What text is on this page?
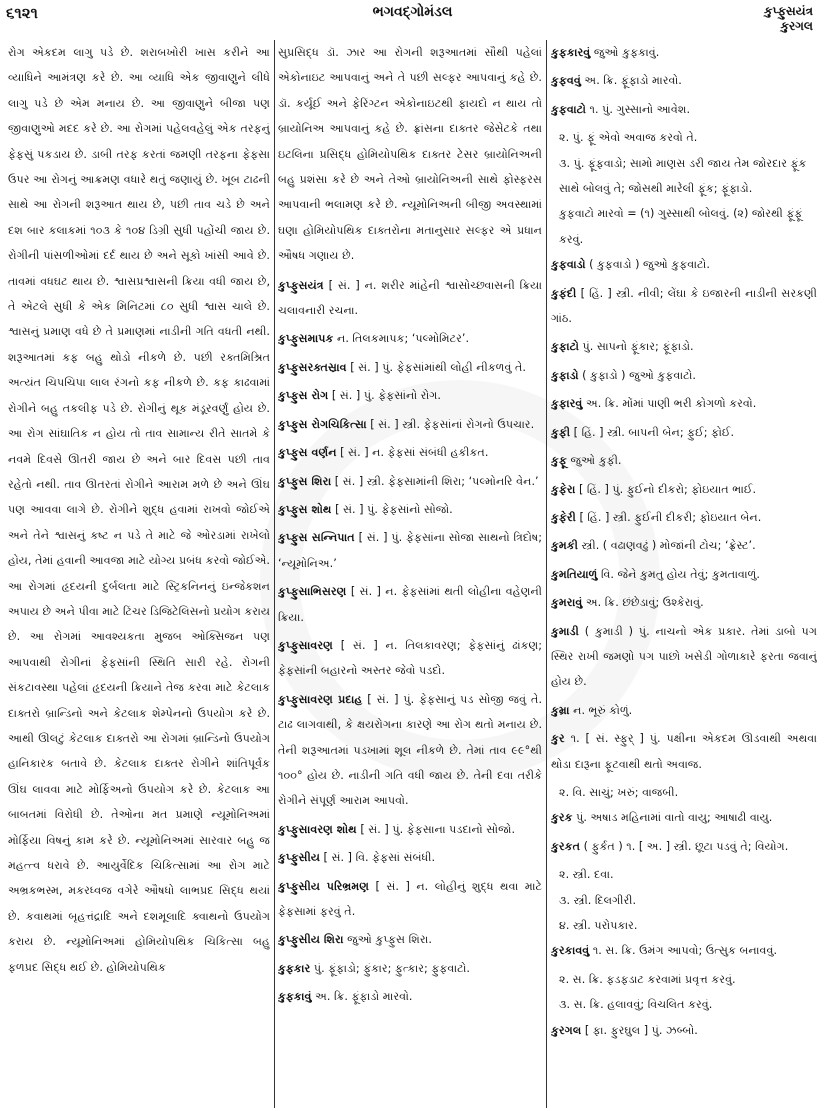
૬૧૨૧	ભગવદ્ગોમંડલ	કુપ્ફુસયંત્ર
કુરગલ

રોગ એકદમ લાગુ પડે છે. શરાબખોરી ખાસ કરીને આ વ્યાધિને આમંત્રણ કરે છે. આ વ્યાધિ એક જીવાણુને લીધે લાગુ પડે છે એમ મનાય છે. આ જીવાણુને બીજા પણ જીવાણુઓ મદદ કરે છે. આ રોગમાં પહેલવહેલું એક તરફનું ફેફસું પકડાય છે. ડાબી તરફ કરતાં જમણી તરફના ફેફસા ઉપર આ રોગનું આક્રમણ વધારે થતું જણાયું છે. ખૂબ ટાઢની સાથે આ રોગની શરૂઆત થાય છે, પછી તાવ ચડે છે અને દશ બાર કલાકમાં ૧૦૩ કે ૧૦૪ ડિગ્રી સુધી પહોંચી જાય છે. રોગીની પાંસળીઓમાં દર્દ થાય છે અને સૂકો ખાંસી આવે છે. તાવમાં વધઘટ થાય છે. શ્વાસપ્રશ્વાસની ક્રિયા વધી જાય છે, તે એટલે સુધી કે એક મિનિટમાં ૮૦ સુધી શ્વાસ ચાલે છે. શ્વાસનું પ્રમાણ વધે છે તે પ્રમાણમાં નાડીની ગતિ વધતી નથી. શરૂઆતમાં કફ બહુ થોડો નીકળે છે. પછી રક્તમિશ્રિત અત્યંત ચિપચિપા લાલ રંગનો કફ નીકળે છે. કફ કાઢવામાં રોગીને બહુ તકલીફ પડે છે. રોગીનું થૂક મંડૂરવર્ણું હોય છે. આ રોગ સાંઘાતિક ન હોય તો તાવ સામાન્ય રીતે સાતમે કે નવમે દિવસે ઊતરી જાય છે અને બાર દિવસ પછી તાવ રહેતો નથી. તાવ ઊતરતાં રોગીને આરામ મળે છે અને ઊંઘ પણ આવવા લાગે છે. રોગીને શુદ્ધ હવામાં રાખવો જોઈએ અને તેને શ્વાસનું કષ્ટ ન પડે તે માટે જે ઓરડામાં રાખેલો હોય, તેમાં હવાની આવજા માટે યોગ્ય પ્રબંધ કરવો જોઈએ. આ રોગમાં હૃદયની દુર્બલતા માટે સ્ટ્રિકનિનનું ઇન્જેકશન અપાય છે અને પીવા માટે ટિંચર ડિજિટેલિસનો પ્રયોગ કરાય છે. આ રોગમાં આવશ્યકતા મુજબ ઓક્સિજન પણ આપવાથી રોગીનાં ફેફસાંની સ્થિતિ સારી રહે. રોગની સંકટાવસ્થા પહેલાં હૃદયની ક્રિયાને તેજ કરવા માટે કેટલાક દાક્તરો બ્રાન્ડિનો અને કેટલાક શેમ્પેનનો ઉપયોગ કરે છે. આથી ઊલટું કેટલાક દાક્તરો આ રોગમાં બ્રાન્ડિનો ઉપયોગ હાનિકારક બતાવે છે. કેટલાક દાક્તર રોગીને શાંતિપૂર્વક ઊંઘ લાવવા માટે મોર્ફિઅનો ઉપયોગ કરે છે. કેટલાક આ બાબતમાં વિરોધી છે. તેઓના મત પ્રમાણે ન્યૂમોનિઅમાં મોર્ફિયા વિષનું કામ કરે છે. ન્યૂમોનિઅમાં સારવાર બહુ જ મહત્ત્વ ધરાવે છે. આયુર્વેદિક ચિકિત્સામાં આ રોગ માટે અભ્રકભસ્મ, મકરધ્વજ વગેરે ઔષધો લાભપ્રદ સિદ્ધ થયાં છે. કવાથમાં બૃહત્તંદ્રાદિ અને દશમૂલાદિ ક્વાથનો ઉપયોગ કરાય છે. ન્યૂમોનિઅમાં હોમિયોપથિક ચિકિત્સા બહુ ફળપ્રદ સિદ્ધ થઈ છે. હોમિયોપથિક

સુપ્રસિદ્ધ ડૉ. ઝાર આ રોગની શરૂઆતમાં સૌથી પહેલાં એકોનાઇટ આપવાનું અને તે પછી સલ્ફર આપવાનું કહે છે. ડૉ. કર્યૂઈ અને ફેરિંગ્ટન એકોનાઇટથી ફાયદો ન થાય તો બ્રાયોનિઅ આપવાનું કહે છે. ફ્રાંસના દાક્તર જેસેટકે તથા ઇટલિના પ્રસિદ્ધ હોમિયોપથિક દાક્તર ટેસર બ્રાયોનિઅની બહુ પ્રશંસા કરે છે અને તેઓ બ્રાયોનિઅની સાથે ફોસ્ફરસ આપવાની ભલામણ કરે છે. ન્યૂમોનિઅની બીજી અવસ્થામાં ઘણા હોમિયોપથિક દાક્તરોના મતાનુસાર સલ્ફર એ પ્રધાન ઔષધ ગણાય છે.

કુપ્ફુસયંત્ર [ સં. ] ન. શરીર માંહેની શ્વાસોચ્છ્વાસની ક્રિયા ચલાવનારી રચના.
કુપ્ફુસમાપક ન. તિલકમાપક; ‘પલ્મોમિટર’.
કુપ્ફુસરક્તસ્રાવ [ સં. ] પું. ફેફસાંમાંથી લોહી નીકળવું તે.
કુપ્ફુસ રોગ [ સં. ] પું. ફેફસાંનો રોગ.
કુપ્ફુસ રોગચિકિત્સા [ સં. ] સ્ત્રી. ફેફસાંનાં રોગનો ઉપચાર.
કુપ્ફુસ વર્ણન [ સં. ] ન. ફેફસાં સંબંધી હકીકત.
કુપ્ફુસ શિરા [ સં. ] સ્ત્રી. ફેફસામાંની શિરા; ‘પલ્મોનરિ વેન.’
કુપ્ફુસ શોથ [ સં. ] પું. ફેફસાંનો સોજો.
કુપ્ફુસ સન્નિપાત [ સં. ] પું. ફેફસાંના સોજા સાથનો ત્રિદોષ; ‘ન્યૂમોનિઅ.’
કુપ્ફુસાભિસરણ [ સં. ] ન. ફેફસાંમાં થતી લોહીના વહેણની ક્રિયા.
કુપ્ફુસાવરણ [ સં. ] ન. તિલકાવરણ; ફેફસાંનું ઢાંકણ; ફેફસાંની બહારનો અસ્તર જેવો પડદો.
કુપ્ફુસાવરણ પ્રદાહ [ સં. ] પું. ફેફસાનું પડ સોજી જવું તે. ટાઢ લાગવાથી, કે ક્ષયરોગના કારણે આ રોગ થતો મનાય છે. તેની શરૂઆતમાં પડખામાં શૂલ નીકળે છે. તેમાં તાવ ૯૯°થી ૧૦૦° હોય છે. નાડીની ગતિ વધી જાય છે. તેની દવા તરીકે રોગીને સંપૂર્ણ આરામ આપવો.
કુપ્ફુસાવરણ શોથ [ સં. ] પું. ફેફસાના પડદાનો સોજો.
કુપ્ફુસીય [ સં. ] વિ. ફેફસાં સંબંધી.
કુપ્ફુસીય પરિભ્રમણ [ સં. ] ન. લોહીનું શુદ્ધ થવા માટે ફેફસામાં ફરવું તે.
કુપ્ફુસીય શિરા જુઓ કુપ્ફુસ શિરા.
કુફકાર પું. ફૂંફાડો; ફુંકાર; ફુત્કાર; ફુફવાટો.
કુફકાવું અ. ક્રિ. ફૂંફાડો મારવો.
કુફકારવું જુઓ કુફકાવું.
કુફવવું અ. ક્રિ. ફૂંફાડો મારવો.
કુફવાટો ૧. પું. ગુસ્સાનો આવેશ.
૨. પું. ફૂં એવો અવાજ કરવો તે.
૩. પું. ફૂંફવાડો; સામો માણસ ડરી જાય તેમ જોરદાર ફૂંક સાથે બોલવું તે; જોસથી મારેલી ફૂંક; ફૂંફાડો.
કુફવાટો મારવો = (૧) ગુસ્સાથી બોલવું. (૨) જોરથી ફૂંફૂં કરવું.
કુફવાડો ( કુફવાડો ) જુઓ કુફવાટો.
કુફંદી [ હિં. ] સ્ત્રી. નીવી; લેંઘા કે ઇજારની નાડીની સરકણી ગાંઠ.
કુફાટો પું. સાપનો ફૂંકાર; ફૂંફાડો.
કુફાડો ( કુફાડો ) જુઓ કુફવાટો.
કુફારવું અ. ક્રિ. મોંમાં પાણી ભરી કોગળો કરવો.
કુફી [ હિં. ] સ્ત્રી. બાપની બેન; ફુઈ; ફોઈ.
કુફૂ જુઓ કુફી.
કુફેરા [ હિં. ] પું. ફુઈનો દીકરો; ફોઇયાત ભાઈ.
કુફેરી [ હિં. ] સ્ત્રી. ફુઈની દીકરી; ફોઇયાત બેન.
કુમકી સ્ત્રી. ( વઢાણવઢું ) મોજાંની ટોચ; ‘ફ્રેસ્ટ’.
કુમતિયાળું વિ. જેને કુમતુ હોય તેવું; કુમતાવાળું.
કુમરાવું અ. ક્રિ. છંછેડાવું; ઉશ્કેરાવું.
કુમાડી ( કુમાડી ) પું. નાચનો એક પ્રકાર. તેમાં ડાબો પગ સ્થિર રાખી જમણો પગ પાછો ખસેડી ગોળાકારે ફરતા જવાનું હોય છે.
કુમ્રા ન. ભૂરું કોળું.
કુર ૧. [ સં. સ્ફુર્ ] પું. પક્ષીના એકદમ ઊડવાથી અથવા થોડા દારૂના ફૂટવાથી થતો અવાજ.
૨. વિ. સાચું; ખરું; વાજબી.
કુરક પું. અષાડ મહિનામાં વાતો વાયુ; આષાઢી વાયુ.
કુરકત ( ફુર્કત ) ૧. [ અ. ] સ્ત્રી. છૂટા પડવું તે; વિયોગ.
૨. સ્ત્રી. દવા.
૩. સ્ત્રી. દિલગીરી.
૪. સ્ત્રી. પરોપકાર.
કુરકાવવું ૧. સ. ક્રિ. ઉમંગ આપવો; ઉત્સુક બનાવવું.
૨. સ. ક્રિ. ફડફડાટ કરવામાં પ્રવૃત્ત કરવું.
૩. સ. ક્રિ. હલાવવું; વિચલિત કરવું.
કુરગલ [ ફા. ફુરઘુલ ] પું. ઝબ્બો.
